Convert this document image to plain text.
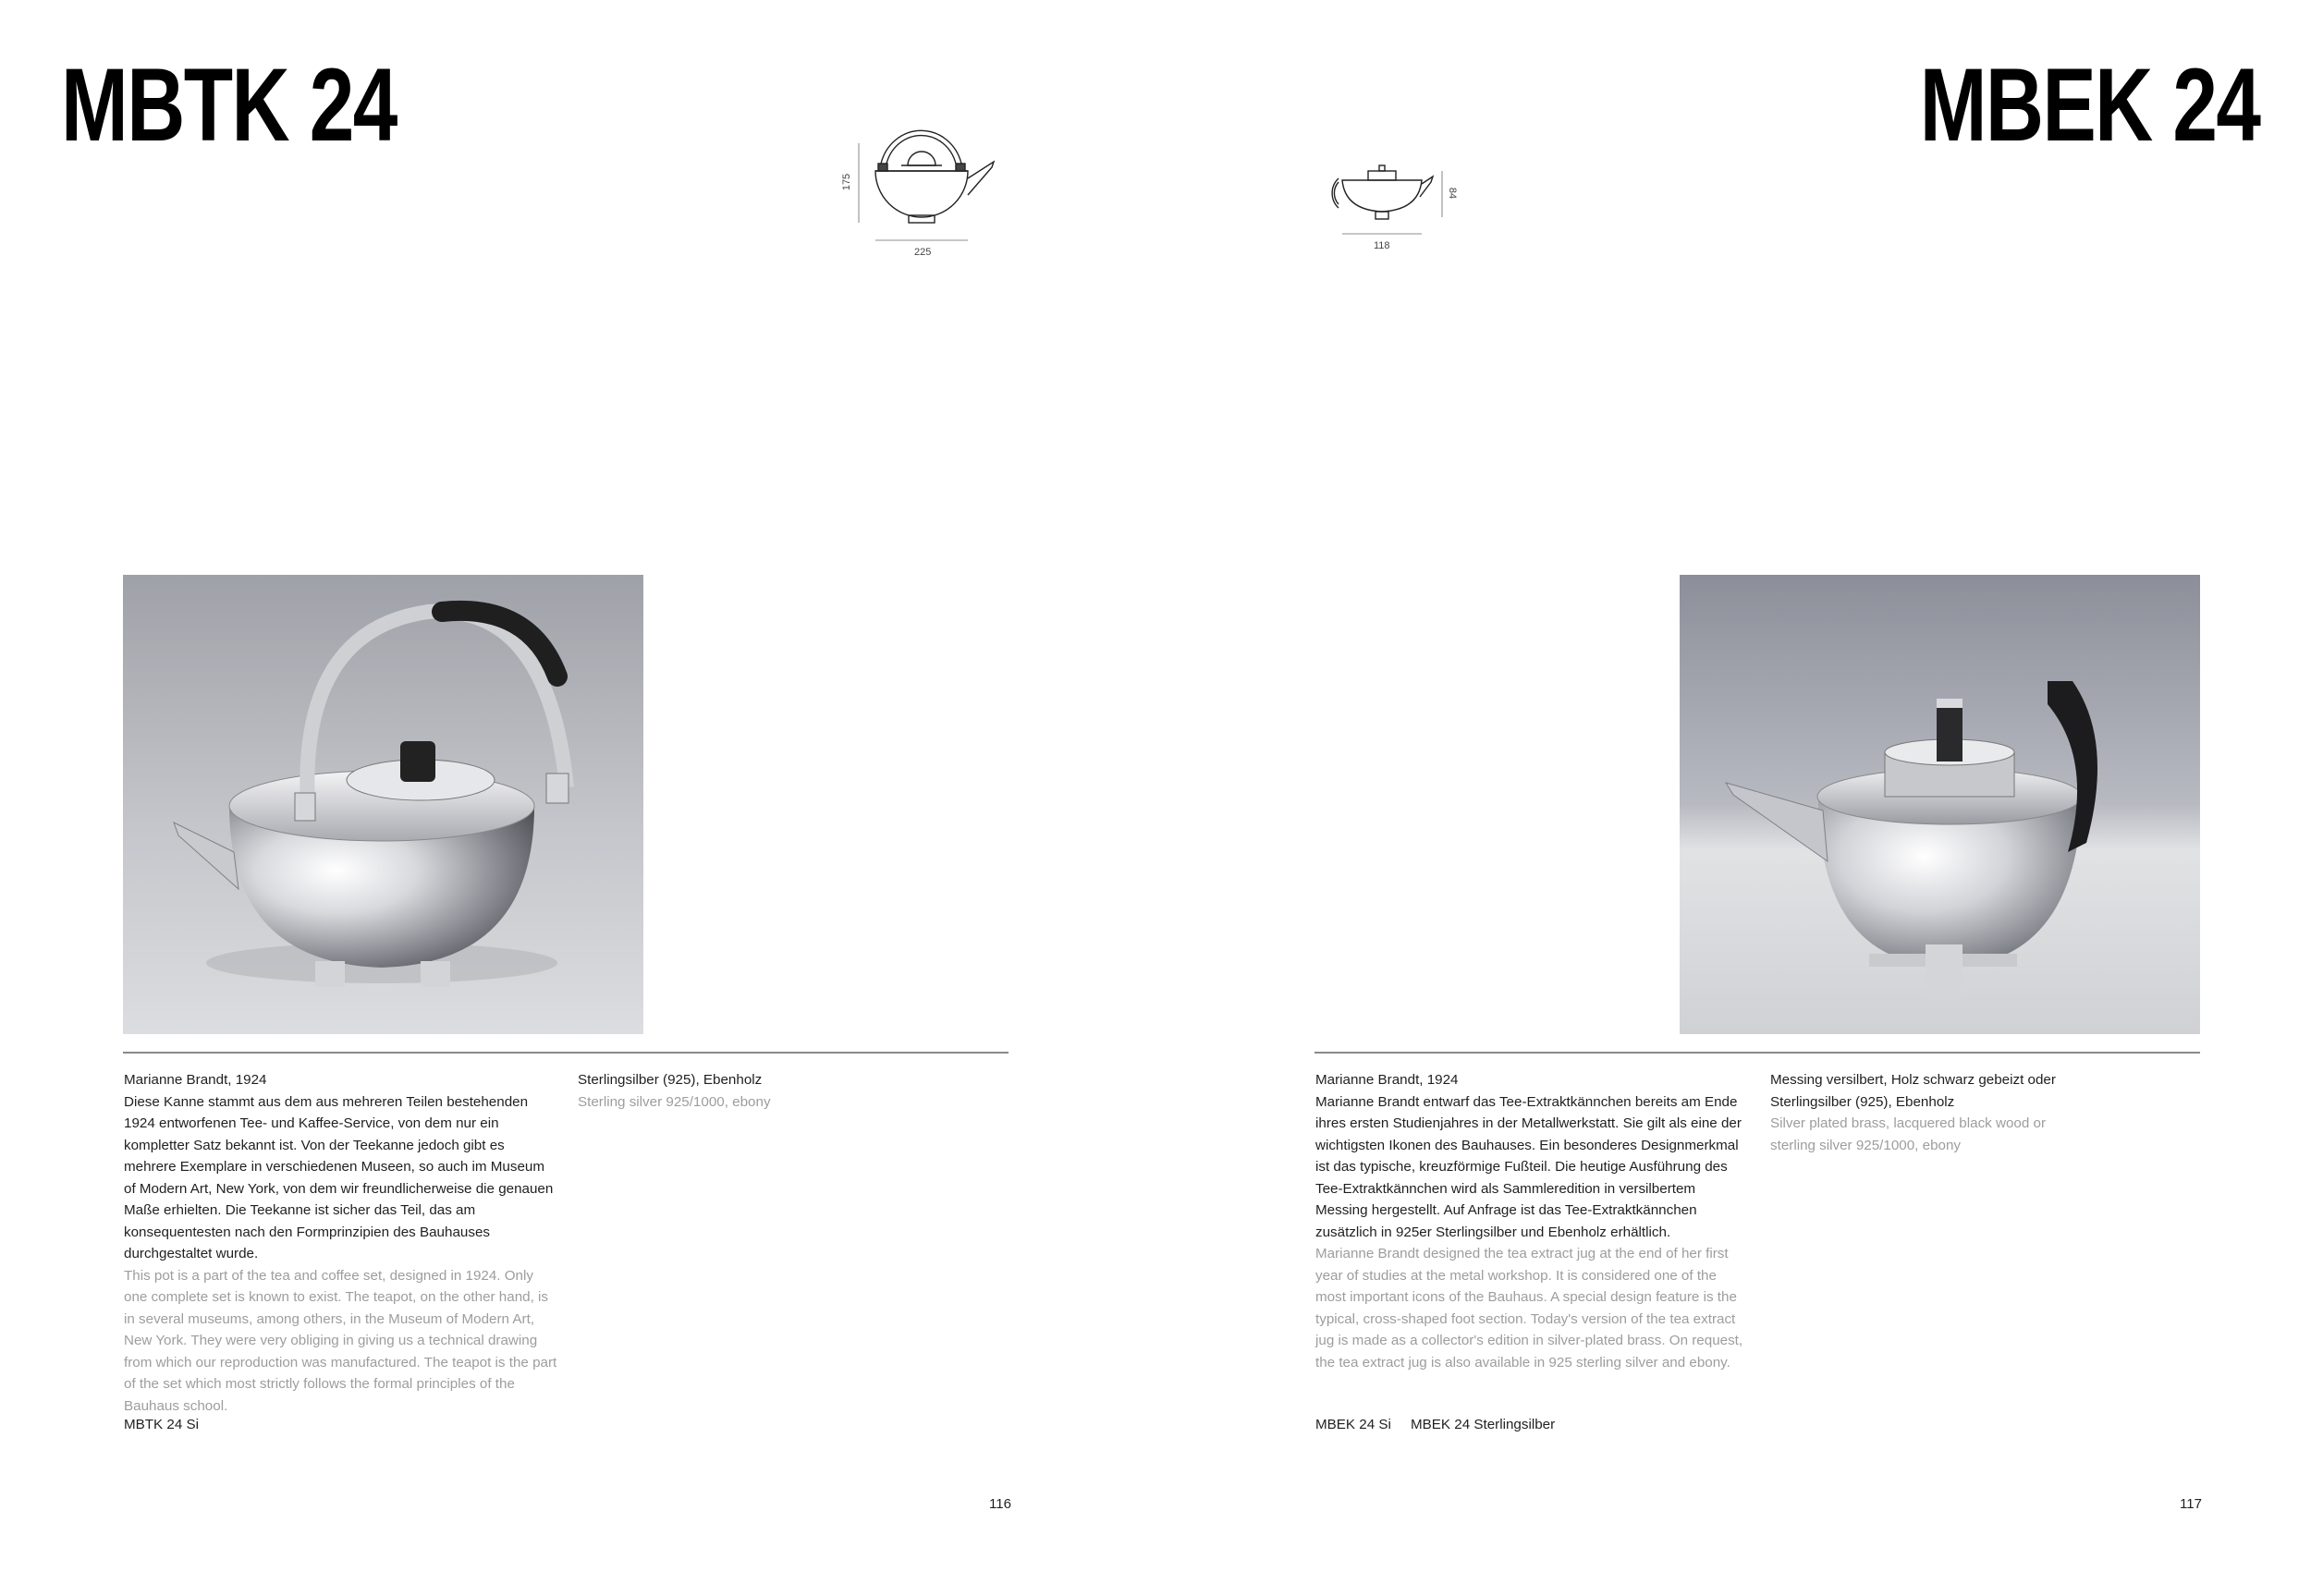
MBTK 24
175
225

Marianne Brandt, 1924

Diese Kanne stammt aus dem aus mehreren Teilen bestehenden 1924 entworfenen Tee- und Kaffee-Service, von dem nur ein kompletter Satz bekannt ist. Von der Teekanne jedoch gibt es mehrere Exemplare in verschiedenen Museen, so auch im Museum of Modern Art, New York, von dem wir freundlicherweise die genauen Maße erhielten. Die Teekanne ist sicher das Teil, das am konsequentesten nach den Formprinzipien des Bauhauses durchgestaltet wurde.

This pot is a part of the tea and coffee set, designed in 1924. Only one complete set is known to exist. The teapot, on the other hand, is in several museums, among others, in the Museum of Modern Art, New York. They were very obliging in giving us a technical drawing from which our reproduction was manufactured. The teapot is the part of the set which most strictly follows the formal principles of the Bauhaus school.

Sterlingsilber (925), Ebenholz

Sterling silver 925/1000, ebony

MBTK 24 Si
116
MBEK 24
84
118

Marianne Brandt, 1924

Marianne Brandt entwarf das Tee-Extraktkännchen bereits am Ende ihres ersten Studienjahres in der Metallwerkstatt. Sie gilt als eine der wichtigsten Ikonen des Bauhauses. Ein besonderes Designmerkmal ist das typische, kreuzförmige Fußteil. Die heutige Ausführung des Tee-Extraktkännchen wird als Sammleredition in versilbertem Messing hergestellt. Auf Anfrage ist das Tee-Extraktkännchen zusätzlich in 925er Sterlingsilber und Ebenholz erhältlich.

Marianne Brandt designed the tea extract jug at the end of her first year of studies at the metal workshop. It is considered one of the most important icons of the Bauhaus. A special design feature is the typical, cross-shaped foot section. Today's version of the tea extract jug is made as a collector's edition in silver-plated brass. On request, the tea extract jug is also available in 925 sterling silver and ebony.

Messing versilbert, Holz schwarz gebeizt oder Sterlingsilber (925), Ebenholz

Silver plated brass, lacquered black wood or sterling silver 925/1000, ebony

MBEK 24 Si MBEK 24 Sterlingsilber
117
